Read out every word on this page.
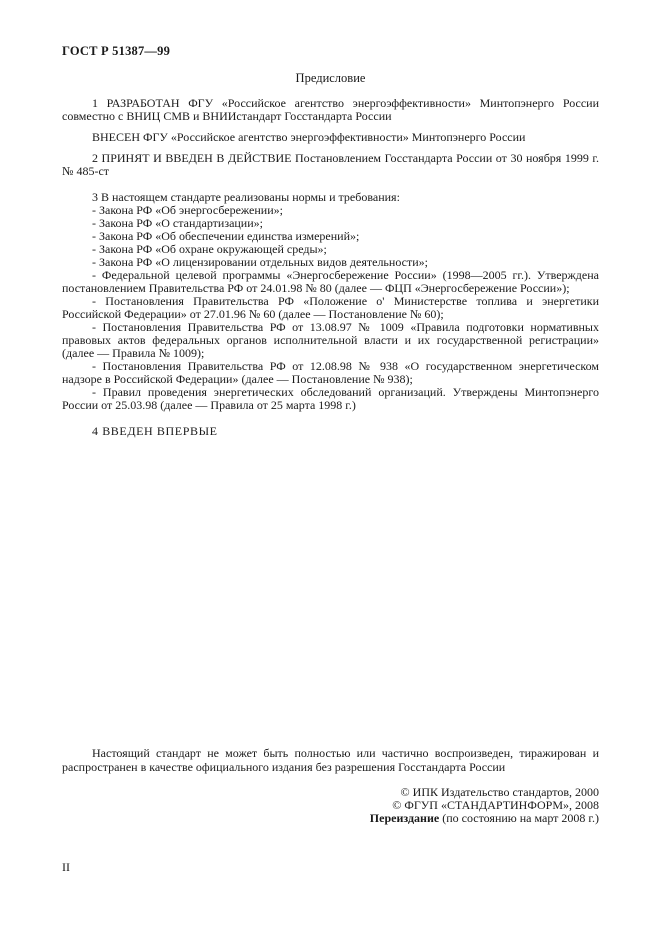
ГОСТ Р 51387—99
Предисловие

1 РАЗРАБОТАН ФГУ «Российское агентство энергоэффективности» Минтопэнерго России совместно с ВНИЦ СМВ и ВНИИстандарт Госстандарта России

ВНЕСЕН ФГУ «Российское агентство энергоэффективности» Минтопэнерго России

2 ПРИНЯТ И ВВЕДЕН В ДЕЙСТВИЕ Постановлением Госстандарта России от 30 ноября 1999 г. № 485-ст

3 В настоящем стандарте реализованы нормы и требования:

- Закона РФ «Об энергосбережении»;
- Закона РФ «О стандартизации»;
- Закона РФ «Об обеспечении единства измерений»;
- Закона РФ «Об охране окружающей среды»;
- Закона РФ «О лицензировании отдельных видов деятельности»;
- Федеральной целевой программы «Энергосбережение России» (1998—2005 гг.). Утверждена постановлением Правительства РФ от 24.01.98 № 80 (далее — ФЦП «Энергосбережение России»);
- Постановления Правительства РФ «Положение о' Министерстве топлива и энергетики Российской Федерации» от 27.01.96 № 60 (далее — Постановление № 60);
- Постановления Правительства РФ от 13.08.97 № 1009 «Правила подготовки нормативных правовых актов федеральных органов исполнительной власти и их государственной регистрации» (далее — Правила № 1009);
- Постановления Правительства РФ от 12.08.98 № 938 «О государственном энергетическом надзоре в Российской Федерации» (далее — Постановление № 938);
- Правил проведения энергетических обследований организаций. Утверждены Минтопэнерго России от 25.03.98 (далее — Правила от 25 марта 1998 г.)

4 ВВЕДЕН ВПЕРВЫЕ

Настоящий стандарт не может быть полностью или частично воспроизведен, тиражирован и распространен в качестве официального издания без разрешения Госстандарта России
© ИПК Издательство стандартов, 2000
© ФГУП «СТАНДАРТИНФОРМ», 2008
Переиздание (по состоянию на март 2008 г.)
II
